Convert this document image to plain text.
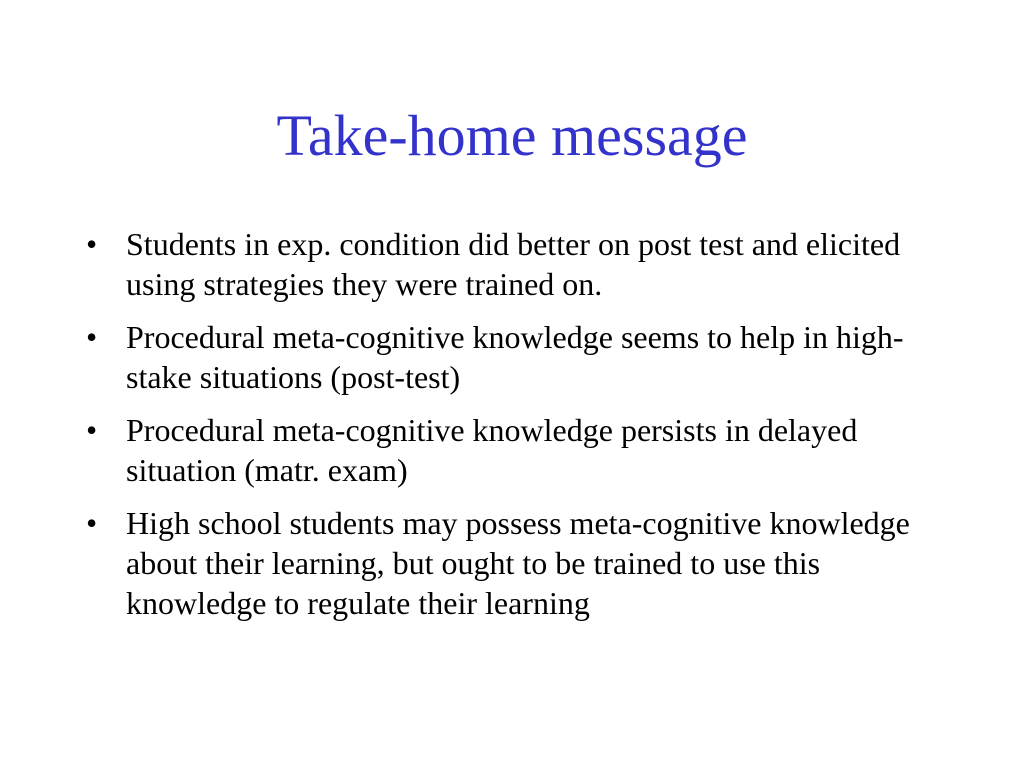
Take-home message
• Students in exp. condition did better on post test and elicited using strategies they were trained on.
• Procedural meta-cognitive knowledge seems to help in high-stake situations (post-test)
• Procedural meta-cognitive knowledge persists in delayed situation (matr. exam)
• High school students may possess meta-cognitive knowledge about their learning, but ought to be trained to use this knowledge to regulate their learning
